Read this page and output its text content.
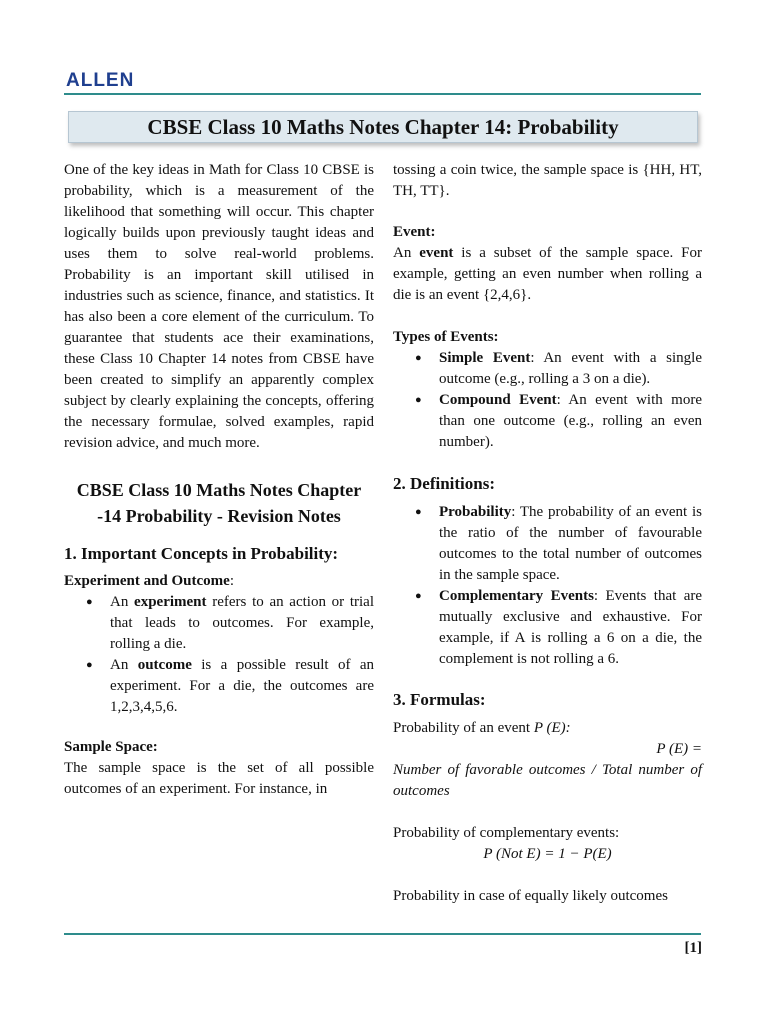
ALLEN
CBSE Class 10 Maths Notes Chapter 14: Probability

One of the key ideas in Math for Class 10 CBSE is probability, which is a measurement of the likelihood that something will occur. This chapter logically builds upon previously taught ideas and uses them to solve real-world problems. Probability is an important skill utilised in industries such as science, finance, and statistics. It has also been a core element of the curriculum. To guarantee that students ace their examinations, these Class 10 Chapter 14 notes from CBSE have been created to simplify an apparently complex subject by clearly explaining the concepts, offering the necessary formulae, solved examples, rapid revision advice, and much more.

CBSE Class 10 Maths Notes Chapter -14 Probability - Revision Notes

1. Important Concepts in Probability:

Experiment and Outcome:

● An experiment refers to an action or trial that leads to outcomes. For example, rolling a die.
● An outcome is a possible result of an experiment. For a die, the outcomes are 1,2,3,4,5,6.

Sample Space:

The sample space is the set of all possible outcomes of an experiment. For instance, in

tossing a coin twice, the sample space is {HH, HT, TH, TT}.

Event:

An event is a subset of the sample space. For example, getting an even number when rolling a die is an event {2,4,6}.

Types of Events:

● Simple Event: An event with a single outcome (e.g., rolling a 3 on a die).
● Compound Event: An event with more than one outcome (e.g., rolling an even number).

2. Definitions:

● Probability: The probability of an event is the ratio of the number of favourable outcomes to the total number of outcomes in the sample space.
● Complementary Events: Events that are mutually exclusive and exhaustive. For example, if A is rolling a 6 on a die, the complement is not rolling a 6.

3. Formulas:

Probability of an event P (E):

P (E) =

Number of favorable outcomes / Total number of outcomes

Probability of complementary events:

P (Not E) = 1 − P(E)

Probability in case of equally likely outcomes

[1]
